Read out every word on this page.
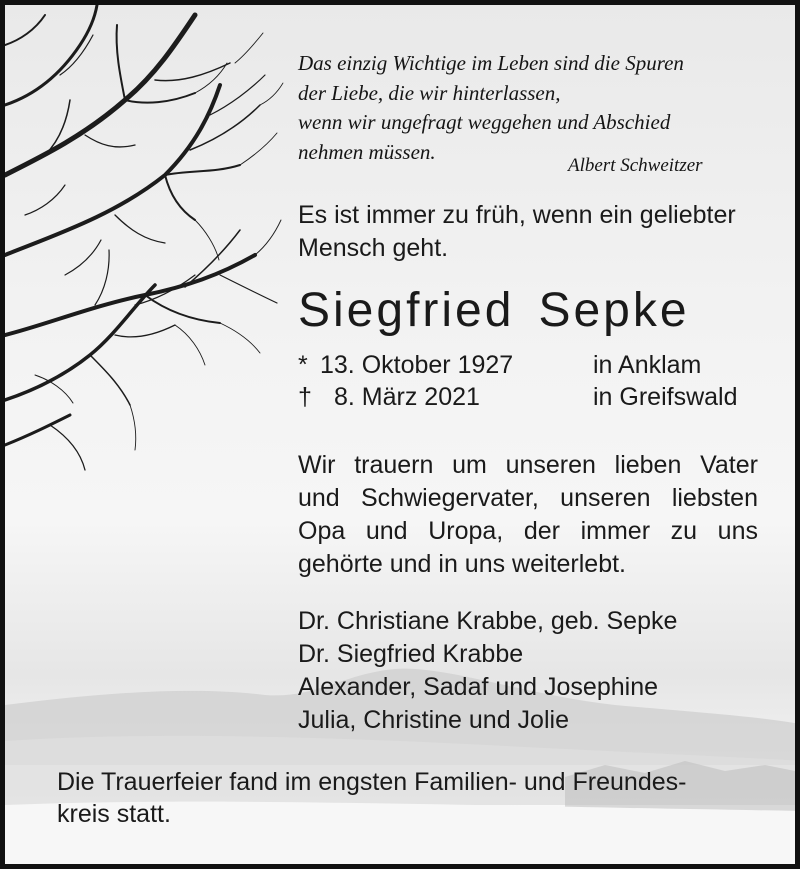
Das einzig Wichtige im Leben sind die Spuren
der Liebe, die wir hinterlassen,
wenn wir ungefragt weggehen und Abschied
nehmen müssen.
Albert Schweitzer
Es ist immer zu früh, wenn ein geliebter
Mensch geht.
Siegfried Sepke
* 13. Oktober 1927	in Anklam
† 8. März 2021	in Greifswald
Wir trauern um unseren lieben Vater
und Schwiegervater, unseren liebsten
Opa und Uropa, der immer zu uns
gehörte und in uns weiterlebt.
Dr. Christiane Krabbe, geb. Sepke
Dr. Siegfried Krabbe
Alexander, Sadaf und Josephine
Julia, Christine und Jolie
Die Trauerfeier fand im engsten Familien- und Freundes-
kreis statt.
